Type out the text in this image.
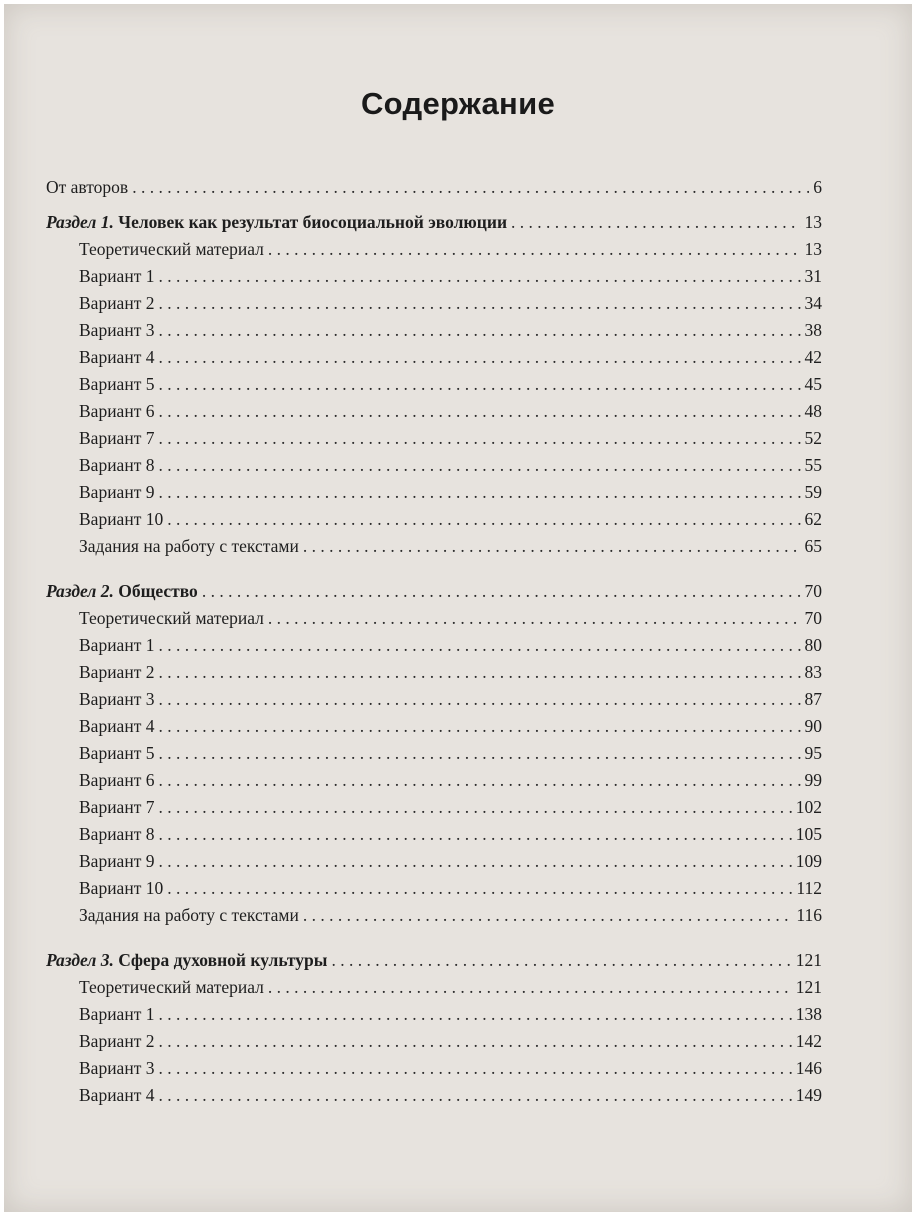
Содержание
От авторов . . .	6
Раздел 1. Человек как результат биосоциальной эволюции . . .	13
Теоретический материал . . .	13
Вариант 1 . . .	31
Вариант 2 . . .	34
Вариант 3 . . .	38
Вариант 4 . . .	42
Вариант 5 . . .	45
Вариант 6 . . .	48
Вариант 7 . . .	52
Вариант 8 . . .	55
Вариант 9 . . .	59
Вариант 10 . . .	62
Задания на работу с текстами . . .	65
Раздел 2. Общество . . .	70
Теоретический материал . . .	70
Вариант 1 . . .	80
Вариант 2 . . .	83
Вариант 3 . . .	87
Вариант 4 . . .	90
Вариант 5 . . .	95
Вариант 6 . . .	99
Вариант 7 . . .	102
Вариант 8 . . .	105
Вариант 9 . . .	109
Вариант 10 . . .	112
Задания на работу с текстами . . .	116
Раздел 3. Сфера духовной культуры . . .	121
Теоретический материал . . .	121
Вариант 1 . . .	138
Вариант 2 . . .	142
Вариант 3 . . .	146
Вариант 4 . . .	149
